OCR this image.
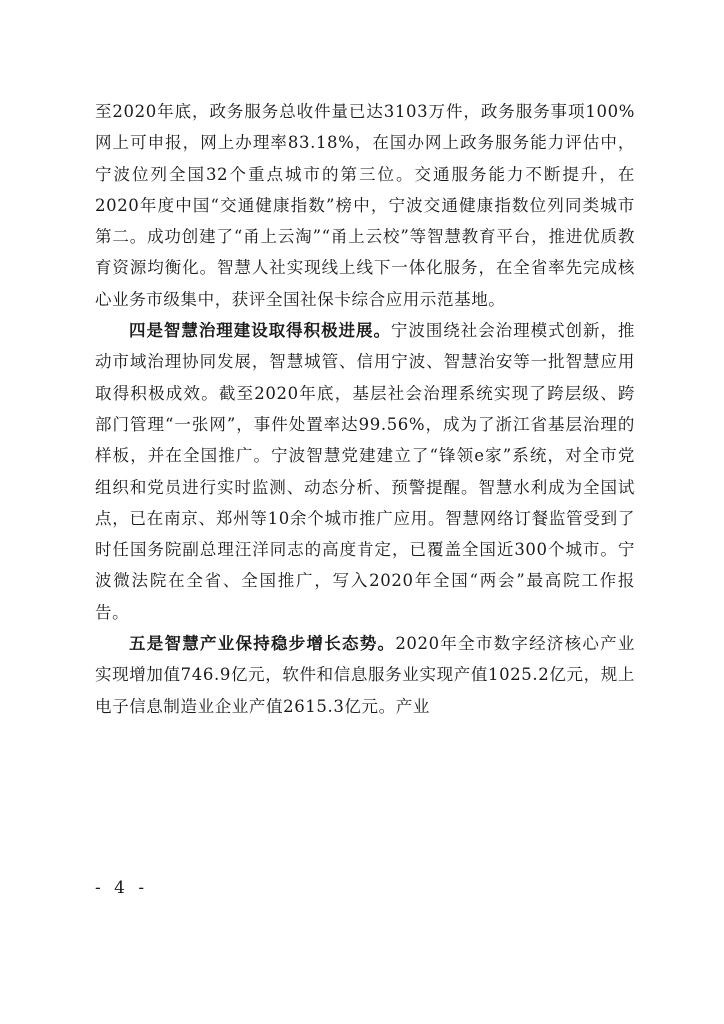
至2020年底，政务服务总收件量已达3103万件，政务服务事项100%网上可申报，网上办理率83.18%，在国办网上政务服务能力评估中，宁波位列全国32个重点城市的第三位。交通服务能力不断提升，在2020年度中国“交通健康指数”榜中，宁波交通健康指数位列同类城市第二。成功创建了“甬上云淘”“甬上云校”等智慧教育平台，推进优质教育资源均衡化。智慧人社实现线上线下一体化服务，在全省率先完成核心业务市级集中，获评全国社保卡综合应用示范基地。

四是智慧治理建设取得积极进展。宁波围绕社会治理模式创新，推动市域治理协同发展，智慧城管、信用宁波、智慧治安等一批智慧应用取得积极成效。截至2020年底，基层社会治理系统实现了跨层级、跨部门管理“一张网”，事件处置率达99.56%，成为了浙江省基层治理的样板，并在全国推广。宁波智慧党建建立了“锋领e家”系统，对全市党组织和党员进行实时监测、动态分析、预警提醒。智慧水利成为全国试点，已在南京、郑州等10余个城市推广应用。智慧网络订餐监管受到了时任国务院副总理汪洋同志的高度肯定，已覆盖全国近300个城市。宁波微法院在全省、全国推广，写入2020年全国“两会”最高院工作报告。

五是智慧产业保持稳步增长态势。2020年全市数字经济核心产业实现增加值746.9亿元，软件和信息服务业实现产值1025.2亿元，规上电子信息制造业企业产值2615.3亿元。产业

- 4 -
